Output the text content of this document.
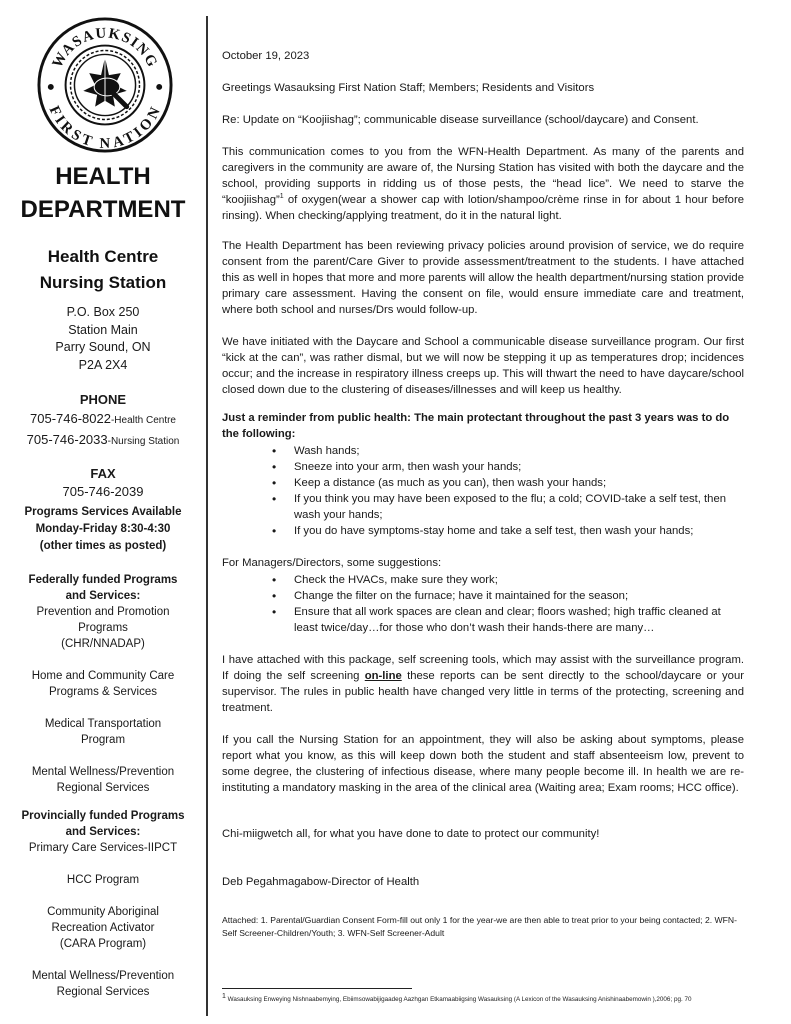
WASAUKSING
FIRST NATION
HEALTH
DEPARTMENT
Health Centre
Nursing Station
P.O. Box 250
Station Main
Parry Sound, ON
P2A 2X4
PHONE
705-746-8022-Health Centre
705-746-2033-Nursing Station
FAX
705-746-2039
Programs Services Available
Monday-Friday 8:30-4:30
(other times as posted)
Federally funded Programs
and Services:
Prevention and Promotion
Programs
(CHR/NNADAP)
Home and Community Care
Programs & Services
Medical Transportation
Program
Mental Wellness/Prevention
Regional Services
Provincially funded Programs
and Services:
Primary Care Services-IIPCT
HCC Program
Community Aboriginal
Recreation Activator
(CARA Program)
Mental Wellness/Prevention
Regional Services

October 19, 2023

Greetings Wasauksing First Nation Staff; Members; Residents and Visitors

Re: Update on “Koojiishag”; communicable disease surveillance (school/daycare) and Consent.

This communication comes to you from the WFN-Health Department. As many of the parents and caregivers in the community are aware of, the Nursing Station has visited with both the daycare and the school, providing supports in ridding us of those pests, the “head lice”. We need to starve the “koojiishag”$^1$ of oxygen(wear a shower cap with lotion/shampoo/crème rinse in for about 1 hour before rinsing). When checking/applying treatment, do it in the natural light.

The Health Department has been reviewing privacy policies around provision of service, we do require consent from the parent/Care Giver to provide assessment/treatment to the students. I have attached this as well in hopes that more and more parents will allow the health department/nursing station provide primary care assessment. Having the consent on file, would ensure immediate care and treatment, where both school and nurses/Drs would follow-up.

We have initiated with the Daycare and School a communicable disease surveillance program. Our first “kick at the can”, was rather dismal, but we will now be stepping it up as temperatures drop; incidences occur; and the increase in respiratory illness creeps up. This will thwart the need to have daycare/school closed down due to the clustering of diseases/illnesses and will keep us healthy.

Just a reminder from public health: The main protectant throughout the past 3 years was to do the following:

• Wash hands;
• Sneeze into your arm, then wash your hands;
• Keep a distance (as much as you can), then wash your hands;
• If you think you may have been exposed to the flu; a cold; COVID-take a self test, then wash your hands;
• If you do have symptoms-stay home and take a self test, then wash your hands;

For Managers/Directors, some suggestions:

• Check the HVACs, make sure they work;
• Change the filter on the furnace; have it maintained for the season;
• Ensure that all work spaces are clean and clear; floors washed; high traffic cleaned at least twice/day…for those who don’t wash their hands-there are many…

I have attached with this package, self screening tools, which may assist with the surveillance program. If doing the self screening on-line these reports can be sent directly to the school/daycare or your supervisor. The rules in public health have changed very little in terms of the protecting, screening and treatment.

If you call the Nursing Station for an appointment, they will also be asking about symptoms, please report what you know, as this will keep down both the student and staff absenteeism low, prevent to some degree, the clustering of infectious disease, where many people become ill. In health we are re-instituting a mandatory masking in the area of the clinical area (Waiting area; Exam rooms; HCC office).

Chi-miigwetch all, for what you have done to date to protect our community!

Deb Pegahmagabow-Director of Health

Attached: 1. Parental/Guardian Consent Form-fill out only 1 for the year-we are then able to treat prior to your being contacted; 2. WFN-Self Screener-Children/Youth; 3. WFN-Self Screener-Adult

$^1$ Wasauksing Enweying Nishnaabemying, Ebiimsowabijigaadeg Aazhgan Etkamaabiigsing Wasauksing (A Lexicon of the Wasauksing Anishinaabemowin ),2006; pg. 70
